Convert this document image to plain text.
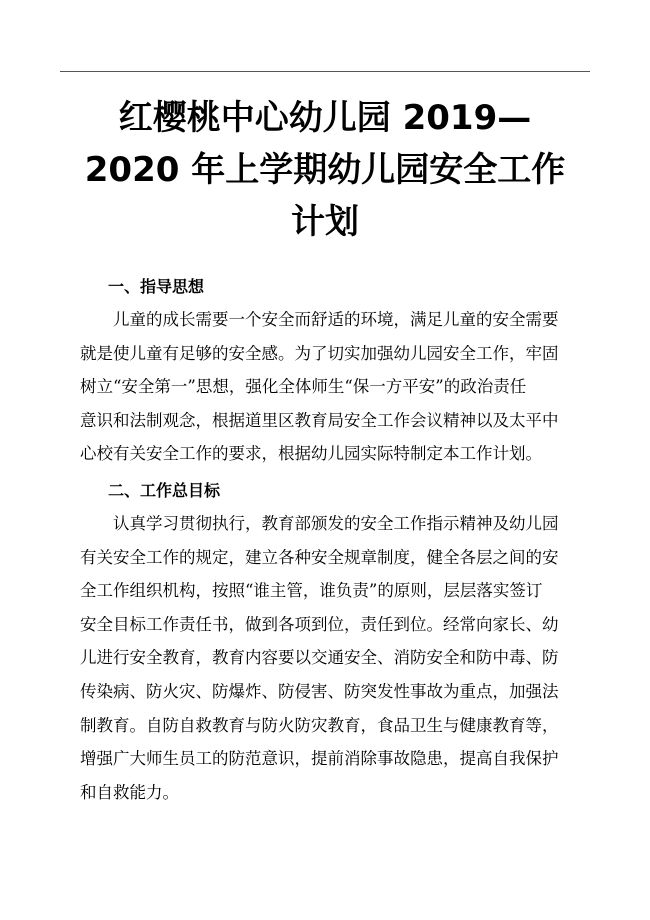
红樱桃中心幼儿园 2019—
2020 年上学期幼儿园安全工作
计划
一、指导思想
儿童的成长需要一个安全而舒适的环境，满足儿童的安全需要
就是使儿童有足够的安全感。为了切实加强幼儿园安全工作，牢固
树立“安全第一”思想，强化全体师生“保一方平安”的政治责任
意识和法制观念，根据道里区教育局安全工作会议精神以及太平中
心校有关安全工作的要求，根据幼儿园实际特制定本工作计划。
二、工作总目标
认真学习贯彻执行，教育部颁发的安全工作指示精神及幼儿园
有关安全工作的规定，建立各种安全规章制度，健全各层之间的安
全工作组织机构，按照“谁主管，谁负责”的原则，层层落实签订
安全目标工作责任书，做到各项到位，责任到位。经常向家长、幼
儿进行安全教育，教育内容要以交通安全、消防安全和防中毒、防
传染病、防火灾、防爆炸、防侵害、防突发性事故为重点，加强法
制教育。自防自救教育与防火防灾教育，食品卫生与健康教育等，
增强广大师生员工的防范意识，提前消除事故隐患，提高自我保护
和自救能力。
